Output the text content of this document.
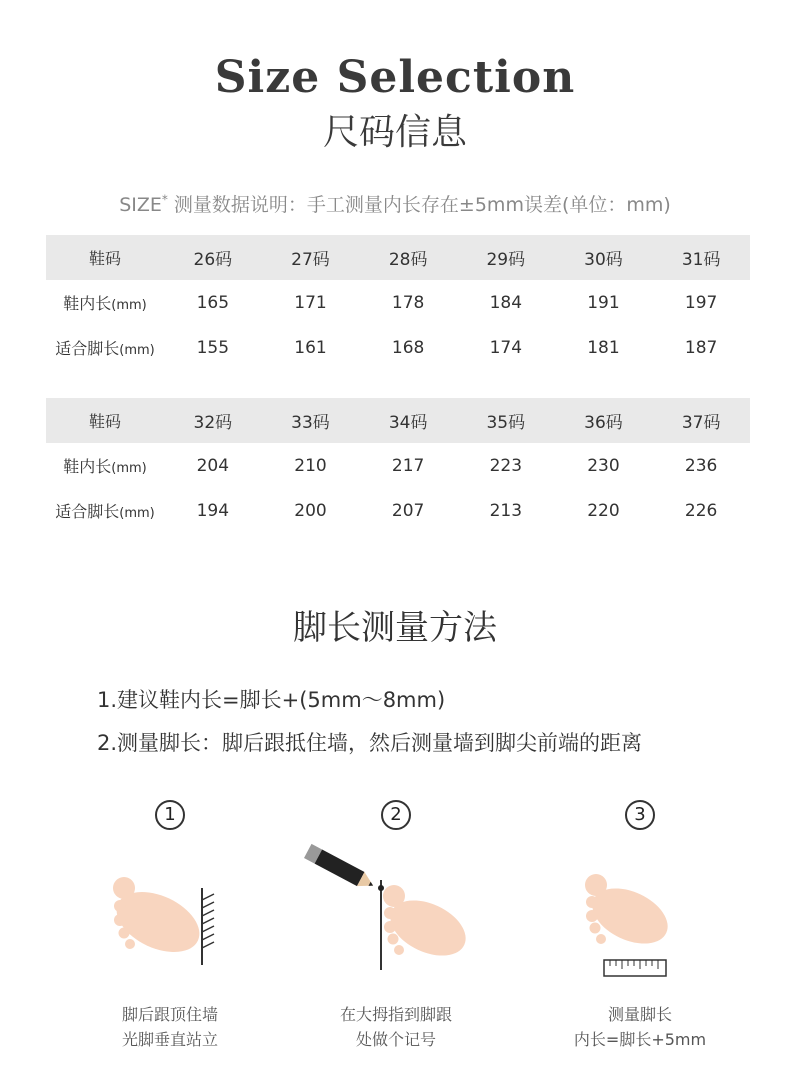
Size Selection
尺码信息
SIZE* 测量数据说明：手工测量内长存在±5mm误差(单位：mm)
鞋码	26码	27码	28码	29码	30码	31码
鞋内长(mm)	165	171	178	184	191	197
适合脚长(mm)	155	161	168	174	181	187
鞋码	32码	33码	34码	35码	36码	37码
鞋内长(mm)	204	210	217	223	230	236
适合脚长(mm)	194	200	207	213	220	226
脚长测量方法
1.建议鞋内长=脚长+(5mm～8mm)
2.测量脚长：脚后跟抵住墙，然后测量墙到脚尖前端的距离
1
脚后跟顶住墙
光脚垂直站立
2
在大拇指到脚跟
处做个记号
3
测量脚长
内长=脚长+5mm
